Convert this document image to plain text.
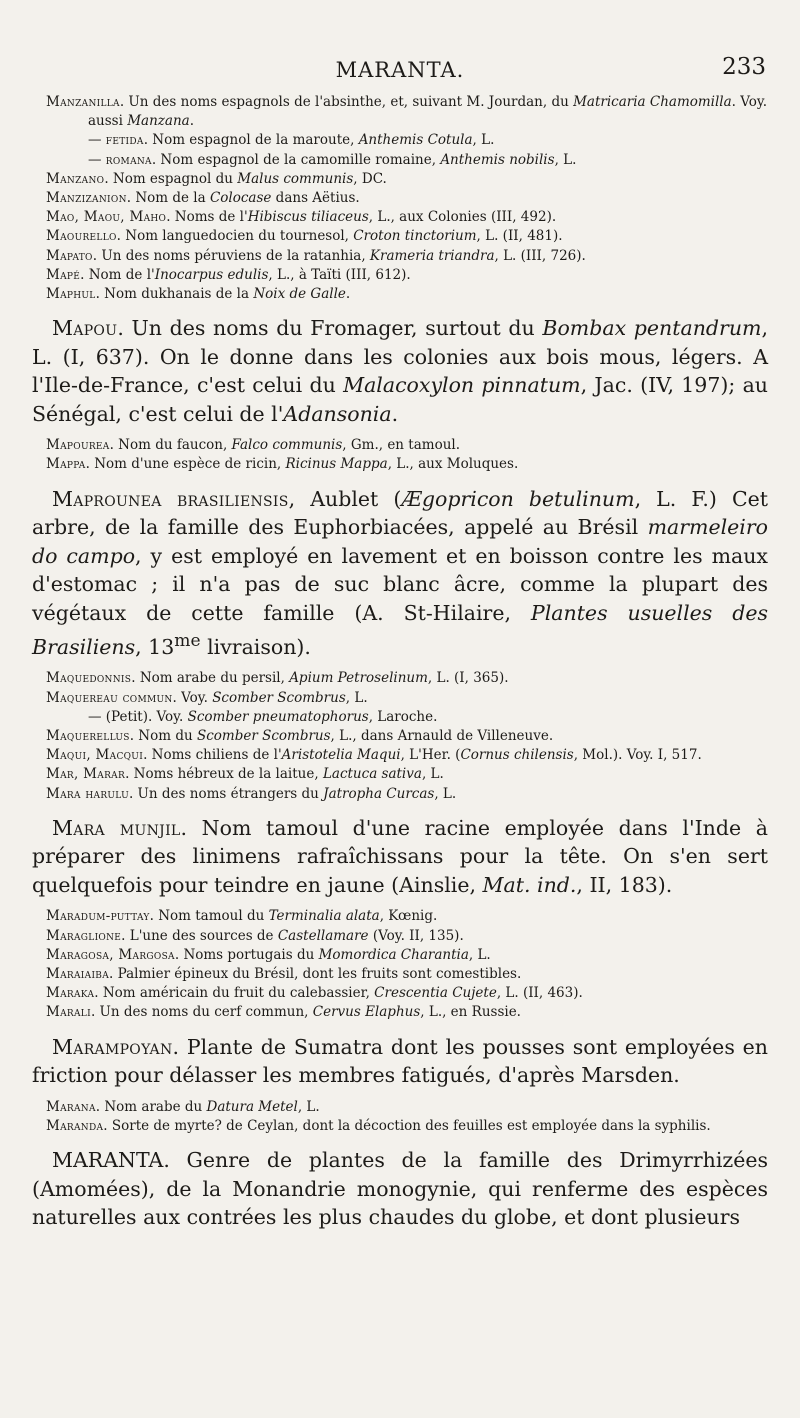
MARANTA.	233

Manzanilla. Un des noms espagnols de l'absinthe, et, suivant M. Jourdan, du Matricaria Chamomilla. Voy. aussi Manzana.

— fetida. Nom espagnol de la maroute, Anthemis Cotula, L.

— romana. Nom espagnol de la camomille romaine, Anthemis nobilis, L.

Manzano. Nom espagnol du Malus communis, DC.

Manzizanion. Nom de la Colocase dans Aëtius.

Mao, Maou, Maho. Noms de l'Hibiscus tiliaceus, L., aux Colonies (III, 492).

Maourello. Nom languedocien du tournesol, Croton tinctorium, L. (II, 481).

Mapato. Un des noms péruviens de la ratanhia, Krameria triandra, L. (III, 726).

Mapé. Nom de l'Inocarpus edulis, L., à Taïti (III, 612).

Maphul. Nom dukhanais de la Noix de Galle.

Mapou. Un des noms du Fromager, surtout du Bombax pentandrum, L. (I, 637). On le donne dans les colonies aux bois mous, légers. A l'Ile-de-France, c'est celui du Malacoxylon pinnatum, Jac. (IV, 197); au Sénégal, c'est celui de l'Adansonia.

Mapourea. Nom du faucon, Falco communis, Gm., en tamoul.

Mappa. Nom d'une espèce de ricin, Ricinus Mappa, L., aux Moluques.

Maprounea brasiliensis, Aublet (Ægopricon betulinum, L. F.) Cet arbre, de la famille des Euphorbiacées, appelé au Brésil marmeleiro do campo, y est employé en lavement et en boisson contre les maux d'estomac ; il n'a pas de suc blanc âcre, comme la plupart des végétaux de cette famille (A. St-Hilaire, Plantes usuelles des Brasiliens, $13^{me}$ livraison).

Maquedonnis. Nom arabe du persil, Apium Petroselinum, L. (I, 365).

Maquereau commun. Voy. Scomber Scombrus, L.

— (Petit). Voy. Scomber pneumatophorus, Laroche.

Maquerellus. Nom du Scomber Scombrus, L., dans Arnauld de Villeneuve.

Maqui, Macqui. Noms chiliens de l'Aristotelia Maqui, L'Her. (Cornus chilensis, Mol.). Voy. I, 517.

Mar, Marar. Noms hébreux de la laitue, Lactuca sativa, L.

Mara harulu. Un des noms étrangers du Jatropha Curcas, L.

Mara munjil. Nom tamoul d'une racine employée dans l'Inde à préparer des linimens rafraîchissans pour la tête. On s'en sert quelquefois pour teindre en jaune (Ainslie, Mat. ind., II, 183).

Maradum-puttay. Nom tamoul du Terminalia alata, Kœnig.

Maraglione. L'une des sources de Castellamare (Voy. II, 135).

Maragosa, Margosa. Noms portugais du Momordica Charantia, L.

Maraiaiba. Palmier épineux du Brésil, dont les fruits sont comestibles.

Maraka. Nom américain du fruit du calebassier, Crescentia Cujete, L. (II, 463).

Marali. Un des noms du cerf commun, Cervus Elaphus, L., en Russie.

Marampoyan. Plante de Sumatra dont les pousses sont employées en friction pour délasser les membres fatigués, d'après Marsden.

Marana. Nom arabe du Datura Metel, L.

Maranda. Sorte de myrte? de Ceylan, dont la décoction des feuilles est employée dans la syphilis.

MARANTA. Genre de plantes de la famille des Drimyrrhizées (Amomées), de la Monandrie monogynie, qui renferme des espèces naturelles aux contrées les plus chaudes du globe, et dont plusieurs
